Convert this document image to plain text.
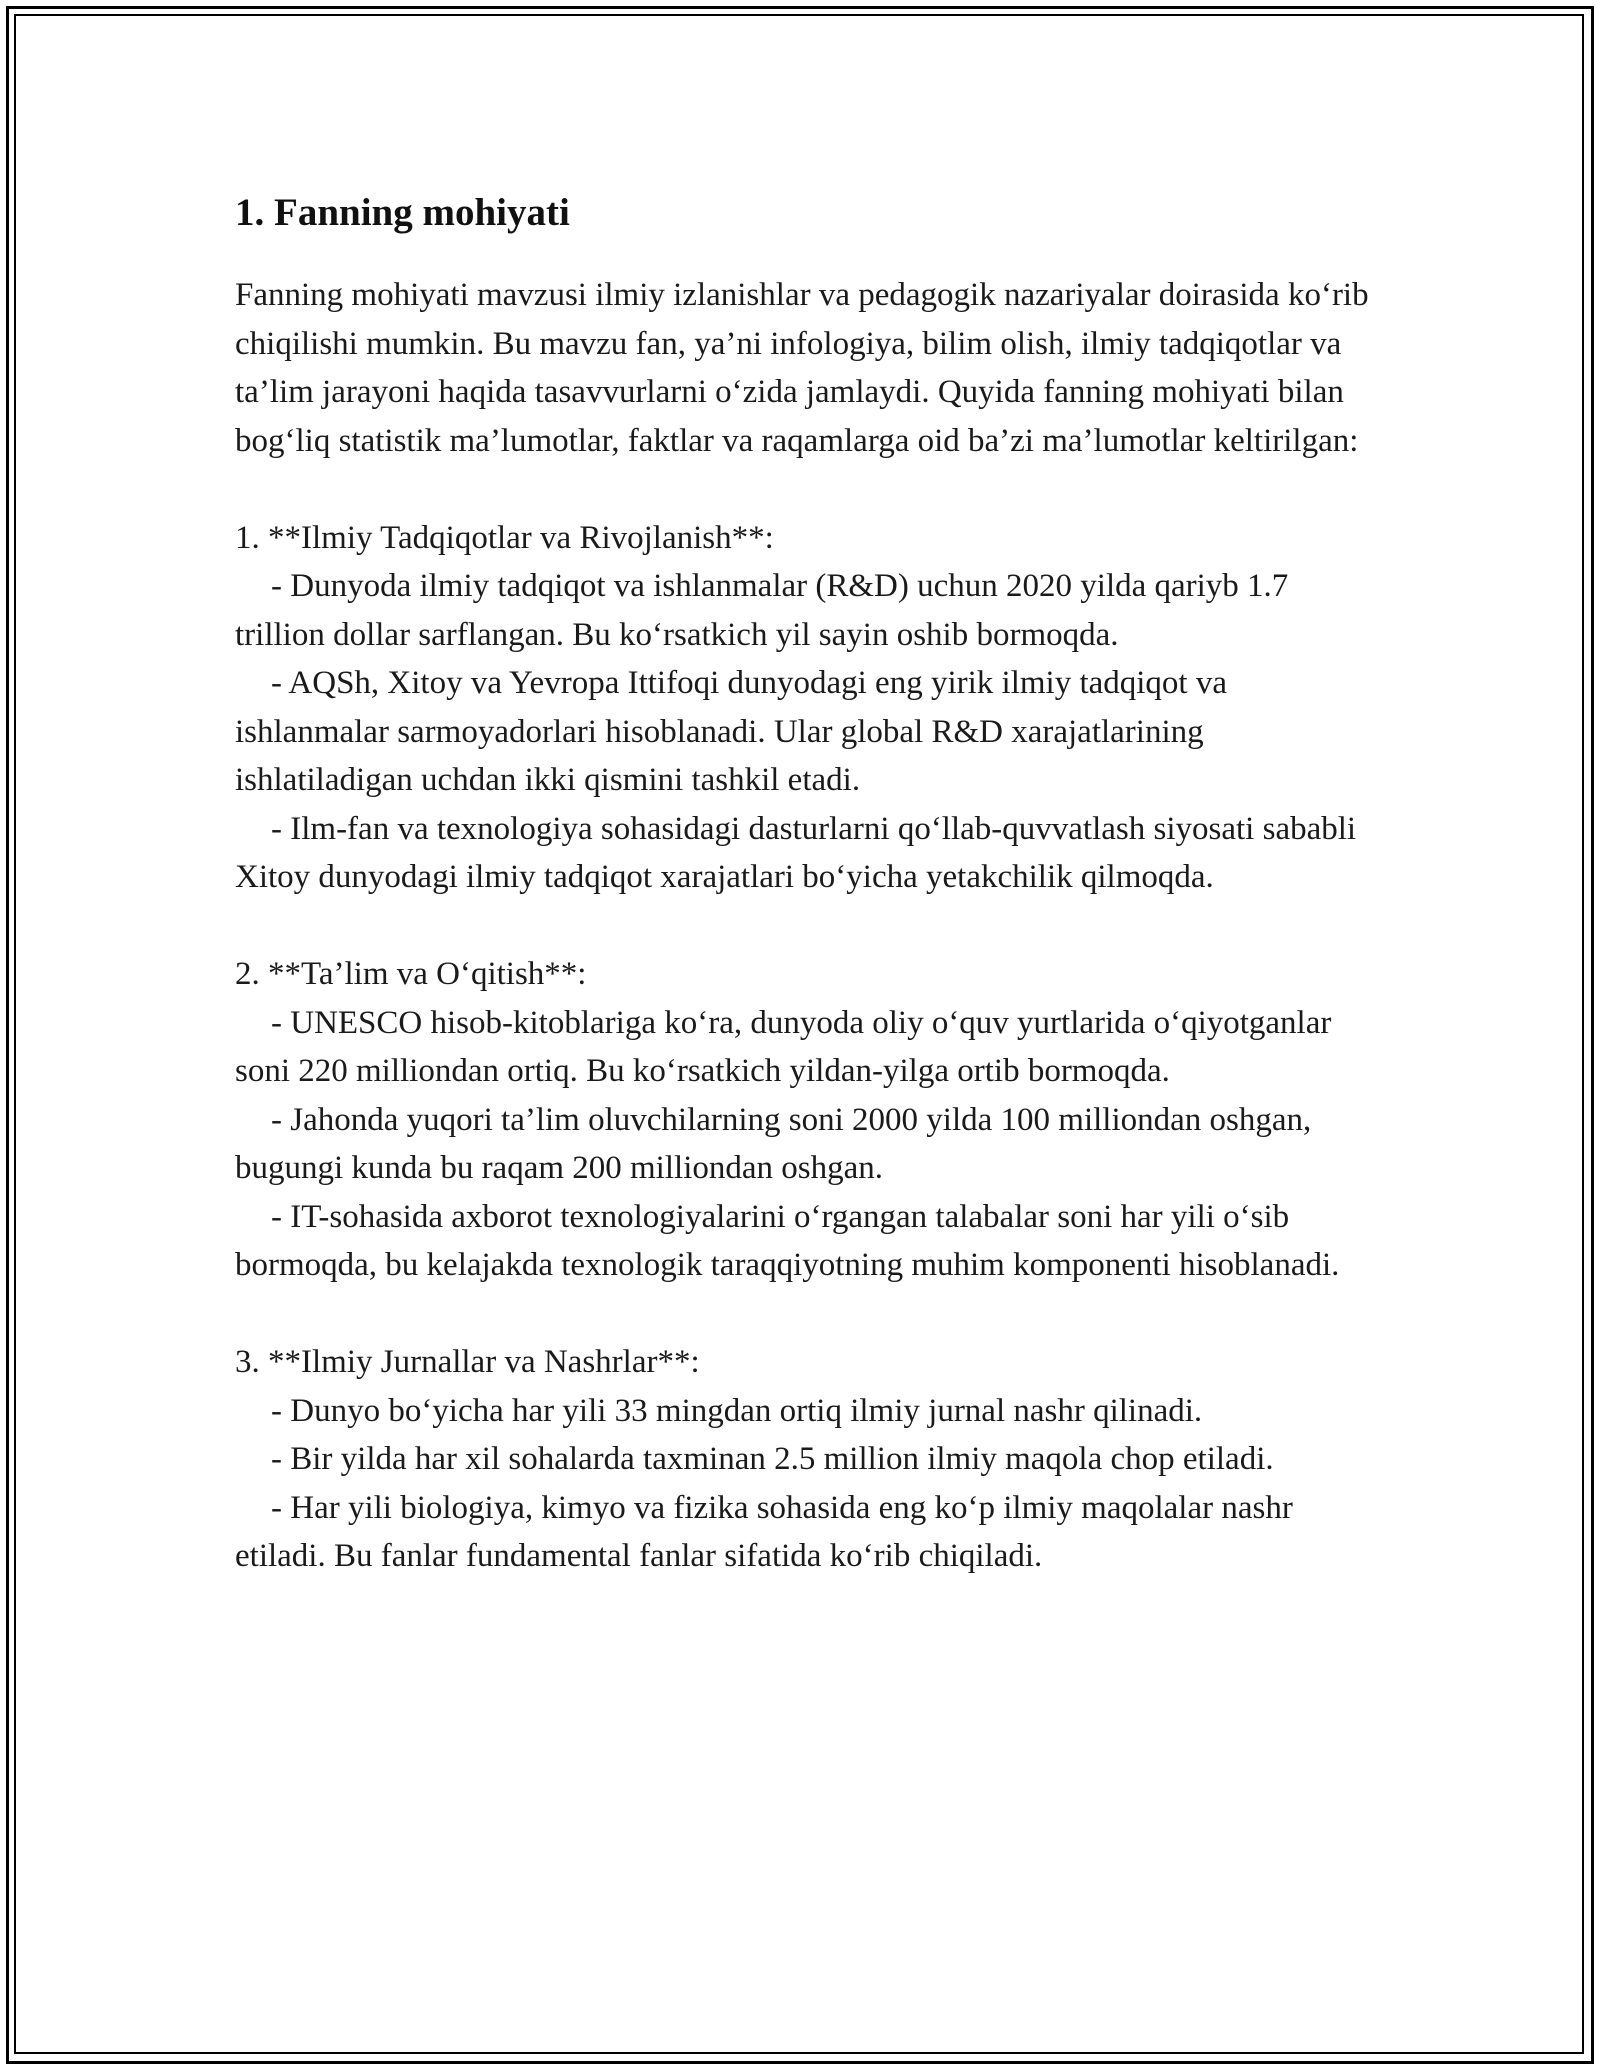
1. Fanning mohiyati

Fanning mohiyati mavzusi ilmiy izlanishlar va pedagogik nazariyalar doirasida ko‘rib chiqilishi mumkin. Bu mavzu fan, ya’ni infologiya, bilim olish, ilmiy tadqiqotlar va ta’lim jarayoni haqida tasavvurlarni o‘zida jamlaydi. Quyida fanning mohiyati bilan bog‘liq statistik ma’lumotlar, faktlar va raqamlarga oid ba’zi ma’lumotlar keltirilgan:

1. **Ilmiy Tadqiqotlar va Rivojlanish**:

- Dunyoda ilmiy tadqiqot va ishlanmalar (R&D) uchun 2020 yilda qariyb 1.7 trillion dollar sarflangan. Bu ko‘rsatkich yil sayin oshib bormoqda.

- AQSh, Xitoy va Yevropa Ittifoqi dunyodagi eng yirik ilmiy tadqiqot va ishlanmalar sarmoyadorlari hisoblanadi. Ular global R&D xarajatlarining ishlatiladigan uchdan ikki qismini tashkil etadi.

- Ilm-fan va texnologiya sohasidagi dasturlarni qo‘llab-quvvatlash siyosati sababli Xitoy dunyodagi ilmiy tadqiqot xarajatlari bo‘yicha yetakchilik qilmoqda.

2. **Ta’lim va O‘qitish**:

- UNESCO hisob-kitoblariga ko‘ra, dunyoda oliy o‘quv yurtlarida o‘qiyotganlar soni 220 milliondan ortiq. Bu ko‘rsatkich yildan-yilga ortib bormoqda.

- Jahonda yuqori ta’lim oluvchilarning soni 2000 yilda 100 milliondan oshgan, bugungi kunda bu raqam 200 milliondan oshgan.

- IT-sohasida axborot texnologiyalarini o‘rgangan talabalar soni har yili o‘sib bormoqda, bu kelajakda texnologik taraqqiyotning muhim komponenti hisoblanadi.

3. **Ilmiy Jurnallar va Nashrlar**:

- Dunyo bo‘yicha har yili 33 mingdan ortiq ilmiy jurnal nashr qilinadi.

- Bir yilda har xil sohalarda taxminan 2.5 million ilmiy maqola chop etiladi.

- Har yili biologiya, kimyo va fizika sohasida eng ko‘p ilmiy maqolalar nashr etiladi. Bu fanlar fundamental fanlar sifatida ko‘rib chiqiladi.
